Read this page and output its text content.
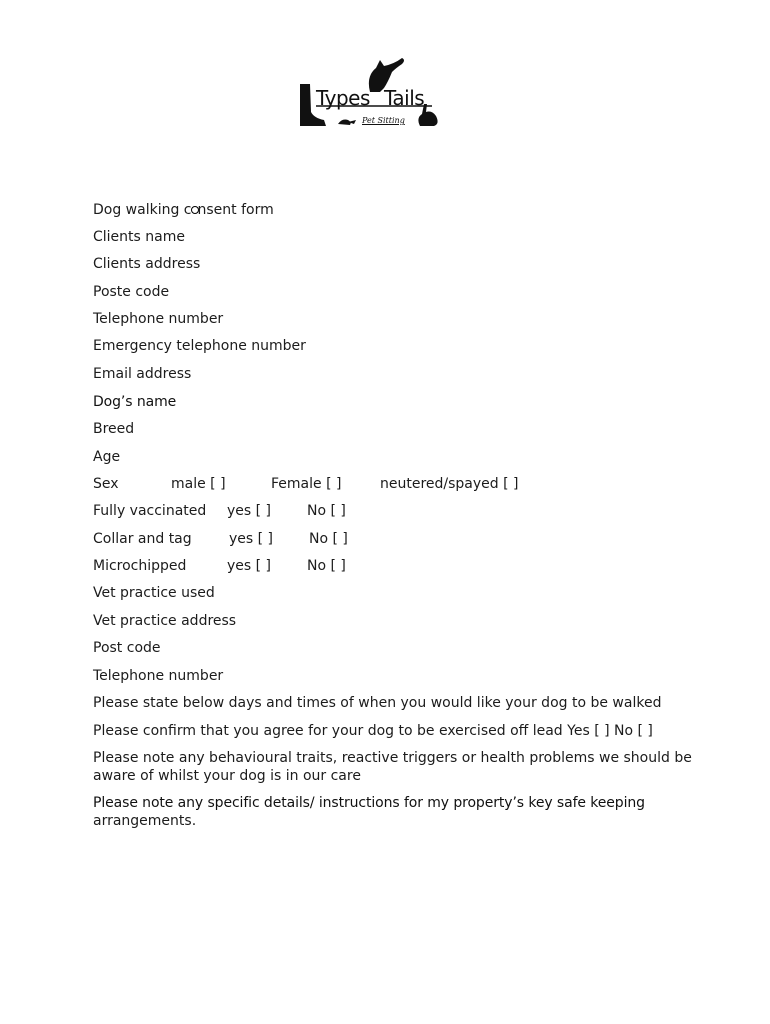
Types Tails
Pet Sitting
Dog walking c nsent form
Clients name
Clients address
Poste code
Telephone number
Emergency telephone number
Email address
Dog’s name
Breed
Age
Sex	male [ ]	Female [ ]	neutered/spayed [ ]
Fully vaccinated yes [ ]	No [ ]
Collar and tag	yes [ ]	No [ ]
Microchipped	yes [ ]	No [ ]
Vet practice used
Vet practice address
Post code
Telephone number
Please state below days and times of when you would like your dog to be walked
Please confirm that you agree for your dog to be exercised off lead Yes [ ] No [ ]
Please note any behavioural traits, reactive triggers or health problems we should be aware of whilst your dog is in our care
Please note any specific details/ instructions for my property’s key safe keeping
arrangements.
